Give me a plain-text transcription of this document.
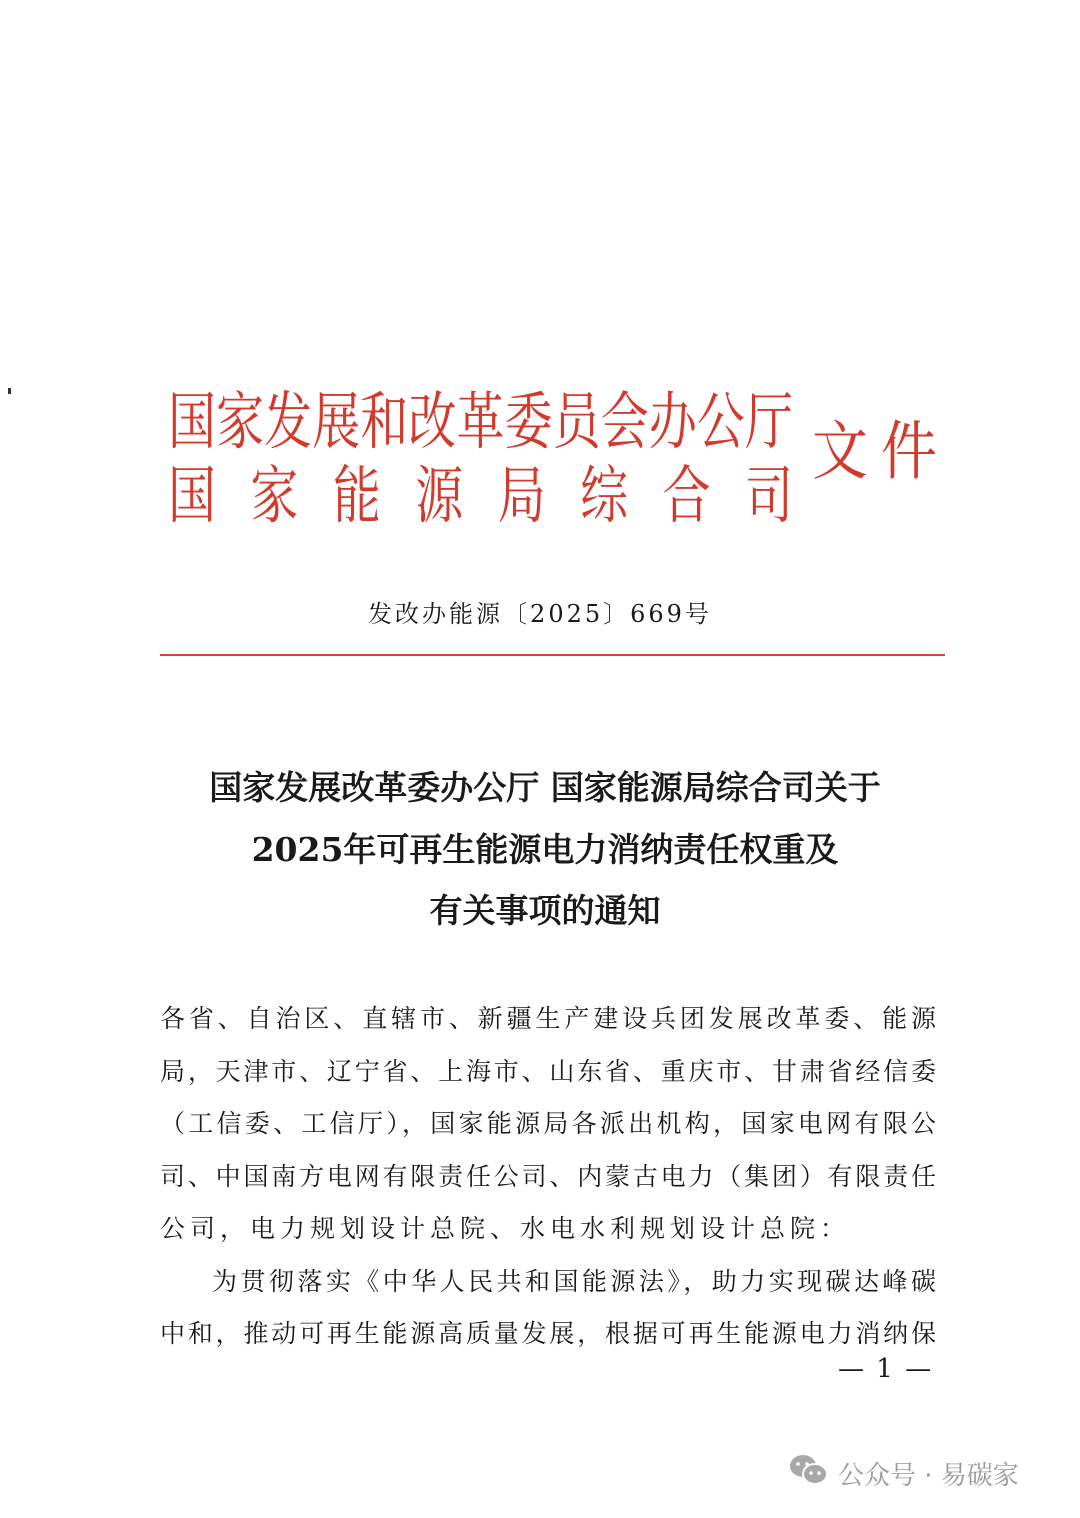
国家发展和改革委员会办公厅
国家能源局综合司
文件
发改办能源〔2025〕669号
国家发展改革委办公厅 国家能源局综合司关于
2025年可再生能源电力消纳责任权重及
有关事项的通知
各省、自治区、直辖市、新疆生产建设兵团发展改革委、能源
局，天津市、辽宁省、上海市、山东省、重庆市、甘肃省经信委
（工信委、工信厅），国家能源局各派出机构，国家电网有限公
司、中国南方电网有限责任公司、内蒙古电力（集团）有限责任
公司，电力规划设计总院、水电水利规划设计总院：
为贯彻落实《中华人民共和国能源法》，助力实现碳达峰碳
中和，推动可再生能源高质量发展，根据可再生能源电力消纳保
— 1 —
公众号 · 易碳家
